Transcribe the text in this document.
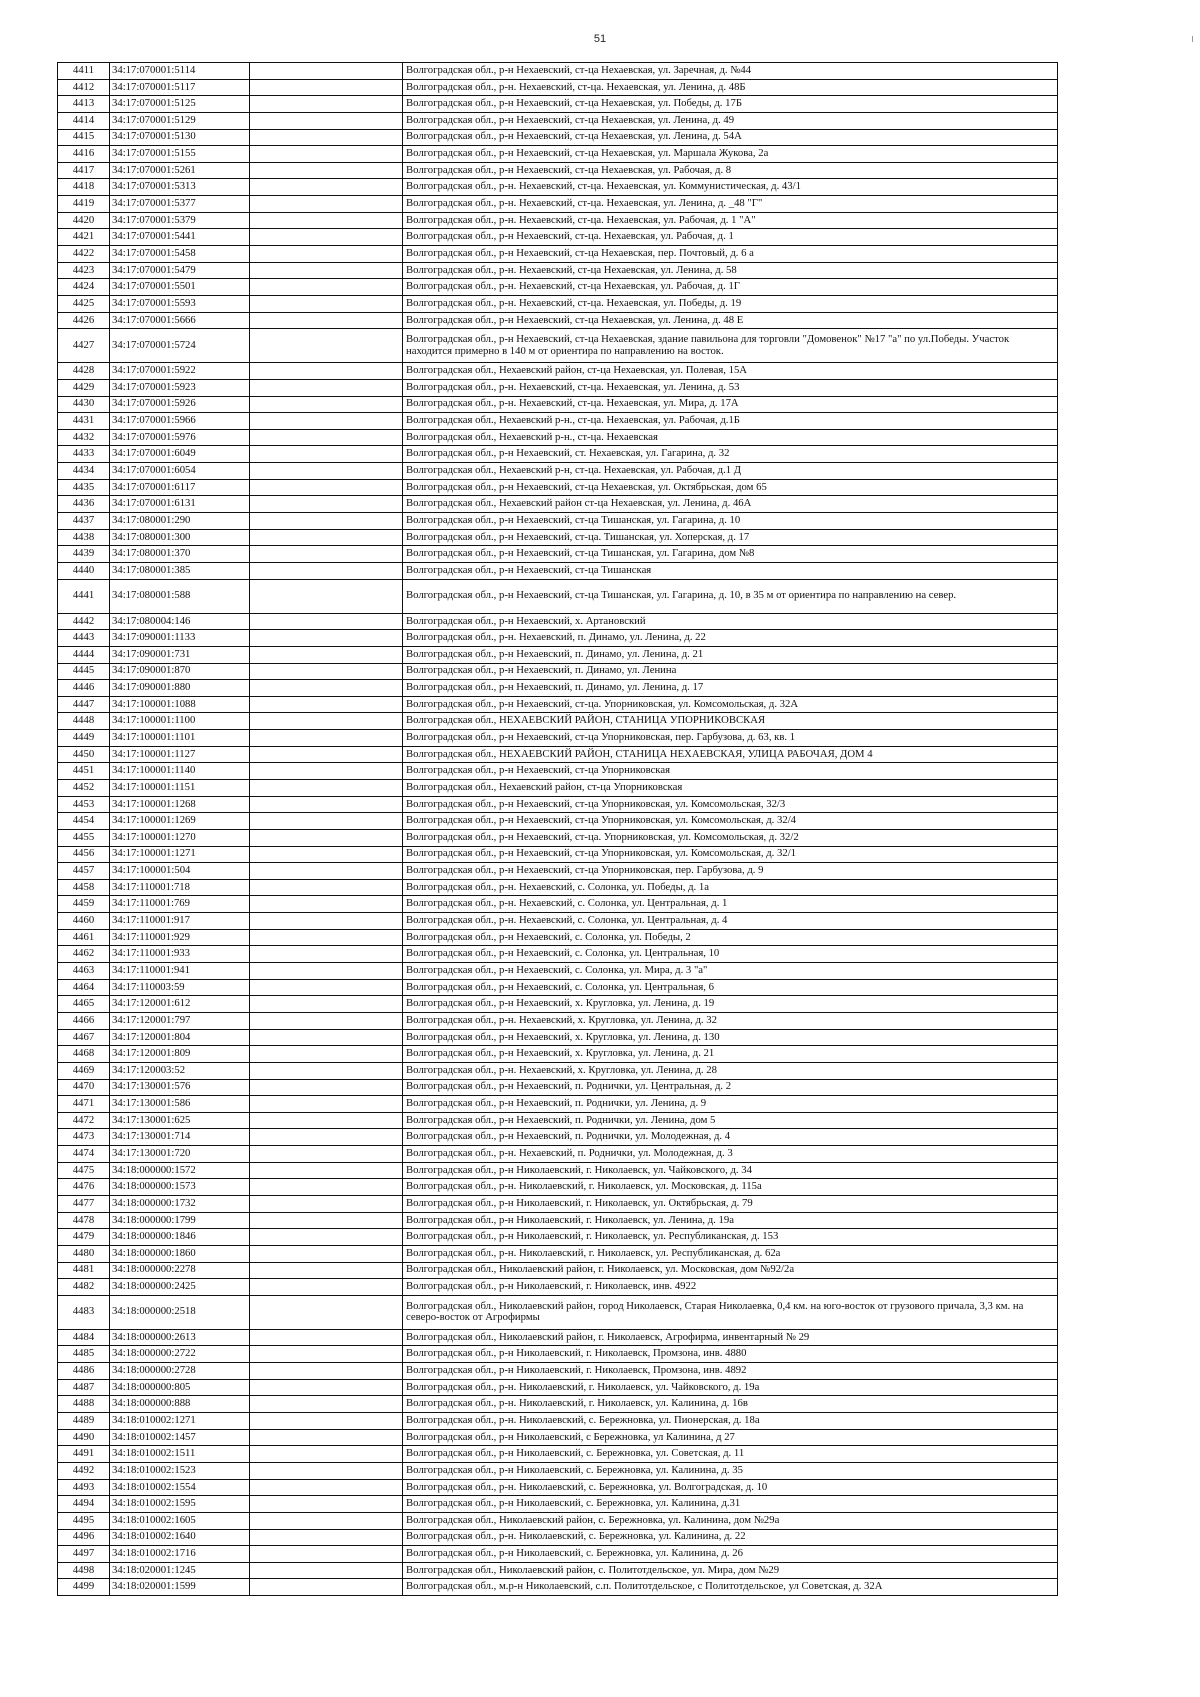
51
4411	34:17:070001:5114		Волгоградская обл., р-н Нехаевский, ст-ца Нехаевская, ул. Заречная, д. №44
4412	34:17:070001:5117		Волгоградская обл., р-н. Нехаевский, ст-ца. Нехаевская, ул. Ленина, д. 48Б
4413	34:17:070001:5125		Волгоградская обл., р-н Нехаевский, ст-ца Нехаевская, ул. Победы, д. 17Б
4414	34:17:070001:5129		Волгоградская обл., р-н Нехаевский, ст-ца Нехаевская, ул. Ленина, д. 49
4415	34:17:070001:5130		Волгоградская обл., р-н Нехаевский, ст-ца Нехаевская, ул. Ленина, д. 54А
4416	34:17:070001:5155		Волгоградская обл., р-н Нехаевский, ст-ца Нехаевская, ул. Маршала Жукова, 2а
4417	34:17:070001:5261		Волгоградская обл., р-н Нехаевский, ст-ца Нехаевская, ул. Рабочая, д. 8
4418	34:17:070001:5313		Волгоградская обл., р-н. Нехаевский, ст-ца. Нехаевская, ул. Коммунистическая, д. 43/1
4419	34:17:070001:5377		Волгоградская обл., р-н. Нехаевский, ст-ца. Нехаевская, ул. Ленина, д. _48 "Г"
4420	34:17:070001:5379		Волгоградская обл., р-н. Нехаевский, ст-ца. Нехаевская, ул. Рабочая, д. 1 "А"
4421	34:17:070001:5441		Волгоградская обл., р-н Нехаевский, ст-ца. Нехаевская, ул. Рабочая, д. 1
4422	34:17:070001:5458		Волгоградская обл., р-н Нехаевский, ст-ца Нехаевская, пер. Почтовый, д. 6 а
4423	34:17:070001:5479		Волгоградская обл., р-н. Нехаевский, ст-ца Нехаевская, ул. Ленина, д. 58
4424	34:17:070001:5501		Волгоградская обл., р-н. Нехаевский, ст-ца Нехаевская, ул. Рабочая, д. 1Г
4425	34:17:070001:5593		Волгоградская обл., р-н. Нехаевский, ст-ца. Нехаевская, ул. Победы, д. 19
4426	34:17:070001:5666		Волгоградская обл., р-н Нехаевский, ст-ца Нехаевская, ул. Ленина, д. 48 Е
4427	34:17:070001:5724		Волгоградская обл., р-н Нехаевский, ст-ца Нехаевская, здание павильона для торговли "Домовенок" №17 "а" по ул.Победы. Участок находится примерно в 140 м от ориентира по направлению на восток.
4428	34:17:070001:5922		Волгоградская обл., Нехаевский район, ст-ца Нехаевская, ул. Полевая, 15А
4429	34:17:070001:5923		Волгоградская обл., р-н. Нехаевский, ст-ца. Нехаевская, ул. Ленина, д. 53
4430	34:17:070001:5926		Волгоградская обл., р-н. Нехаевский, ст-ца. Нехаевская, ул. Мира, д. 17А
4431	34:17:070001:5966		Волгоградская обл., Нехаевский р-н., ст-ца. Нехаевская, ул. Рабочая, д.1Б
4432	34:17:070001:5976		Волгоградская обл., Нехаевский р-н., ст-ца. Нехаевская
4433	34:17:070001:6049		Волгоградская обл., р-н Нехаевский, ст. Нехаевская, ул. Гагарина, д. 32
4434	34:17:070001:6054		Волгоградская обл., Нехаевский р-н, ст-ца. Нехаевская, ул. Рабочая, д.1 Д
4435	34:17:070001:6117		Волгоградская обл., р-н Нехаевский, ст-ца Нехаевская, ул. Октябрьская, дом 65
4436	34:17:070001:6131		Волгоградская обл., Нехаевский район ст-ца Нехаевская, ул. Ленина, д. 46А
4437	34:17:080001:290		Волгоградская обл., р-н Нехаевский, ст-ца Тишанская, ул. Гагарина, д. 10
4438	34:17:080001:300		Волгоградская обл., р-н Нехаевский, ст-ца. Тишанская, ул. Хоперская, д. 17
4439	34:17:080001:370		Волгоградская обл., р-н Нехаевский, ст-ца Тишанская, ул. Гагарина, дом №8
4440	34:17:080001:385		Волгоградская обл., р-н Нехаевский, ст-ца Тишанская
4441	34:17:080001:588		Волгоградская обл., р-н Нехаевский, ст-ца Тишанская, ул. Гагарина, д. 10, в 35 м от ориентира по направлению на север.
4442	34:17:080004:146		Волгоградская обл., р-н Нехаевский, х. Артановский
4443	34:17:090001:1133		Волгоградская обл., р-н. Нехаевский, п. Динамо, ул. Ленина, д. 22
4444	34:17:090001:731		Волгоградская обл., р-н Нехаевский, п. Динамо, ул. Ленина, д. 21
4445	34:17:090001:870		Волгоградская обл., р-н Нехаевский, п. Динамо, ул. Ленина
4446	34:17:090001:880		Волгоградская обл., р-н Нехаевский, п. Динамо, ул. Ленина, д. 17
4447	34:17:100001:1088		Волгоградская обл., р-н Нехаевский, ст-ца. Упорниковская, ул. Комсомольская, д. 32А
4448	34:17:100001:1100		Волгоградская обл., НЕХАЕВСКИЙ РАЙОН, СТАНИЦА УПОРНИКОВСКАЯ
4449	34:17:100001:1101		Волгоградская обл., р-н Нехаевский, ст-ца Упорниковская, пер. Гарбузова, д. 63, кв. 1
4450	34:17:100001:1127		Волгоградская обл., НЕХАЕВСКИЙ РАЙОН, СТАНИЦА НЕХАЕВСКАЯ, УЛИЦА РАБОЧАЯ, ДОМ 4
4451	34:17:100001:1140		Волгоградская обл., р-н Нехаевский, ст-ца Упорниковская
4452	34:17:100001:1151		Волгоградская обл., Нехаевский район, ст-ца Упорниковская
4453	34:17:100001:1268		Волгоградская обл., р-н Нехаевский, ст-ца Упорниковская, ул. Комсомольская, 32/3
4454	34:17:100001:1269		Волгоградская обл., р-н Нехаевский, ст-ца Упорниковская, ул. Комсомольская, д. 32/4
4455	34:17:100001:1270		Волгоградская обл., р-н Нехаевский, ст-ца. Упорниковская, ул. Комсомольская, д. 32/2
4456	34:17:100001:1271		Волгоградская обл., р-н Нехаевский, ст-ца Упорниковская, ул. Комсомольская, д. 32/1
4457	34:17:100001:504		Волгоградская обл., р-н Нехаевский, ст-ца Упорниковская, пер. Гарбузова, д. 9
4458	34:17:110001:718		Волгоградская обл., р-н. Нехаевский, с. Солонка, ул. Победы, д. 1а
4459	34:17:110001:769		Волгоградская обл., р-н. Нехаевский, с. Солонка, ул. Центральная, д. 1
4460	34:17:110001:917		Волгоградская обл., р-н. Нехаевский, с. Солонка, ул. Центральная, д. 4
4461	34:17:110001:929		Волгоградская обл., р-н Нехаевский, с. Солонка, ул. Победы, 2
4462	34:17:110001:933		Волгоградская обл., р-н Нехаевский, с. Солонка, ул. Центральная, 10
4463	34:17:110001:941		Волгоградская обл., р-н Нехаевский, с. Солонка, ул. Мира, д. 3 "а"
4464	34:17:110003:59		Волгоградская обл., р-н Нехаевский, с. Солонка, ул. Центральная, 6
4465	34:17:120001:612		Волгоградская обл., р-н Нехаевский, х. Кругловка, ул. Ленина, д. 19
4466	34:17:120001:797		Волгоградская обл., р-н. Нехаевский, х. Кругловка, ул. Ленина, д. 32
4467	34:17:120001:804		Волгоградская обл., р-н Нехаевский, х. Кругловка, ул. Ленина, д. 130
4468	34:17:120001:809		Волгоградская обл., р-н Нехаевский, х. Кругловка, ул. Ленина, д. 21
4469	34:17:120003:52		Волгоградская обл., р-н. Нехаевский, х. Кругловка, ул. Ленина, д. 28
4470	34:17:130001:576		Волгоградская обл., р-н Нехаевский, п. Роднички, ул. Центральная, д. 2
4471	34:17:130001:586		Волгоградская обл., р-н Нехаевский, п. Роднички, ул. Ленина, д. 9
4472	34:17:130001:625		Волгоградская обл., р-н Нехаевский, п. Роднички, ул. Ленина, дом 5
4473	34:17:130001:714		Волгоградская обл., р-н Нехаевский, п. Роднички, ул. Молодежная, д. 4
4474	34:17:130001:720		Волгоградская обл., р-н. Нехаевский, п. Роднички, ул. Молодежная, д. 3
4475	34:18:000000:1572		Волгоградская обл., р-н Николаевский, г. Николаевск, ул. Чайковского, д. 34
4476	34:18:000000:1573		Волгоградская обл., р-н. Николаевский, г. Николаевск, ул. Московская, д. 115а
4477	34:18:000000:1732		Волгоградская обл., р-н Николаевский, г. Николаевск, ул. Октябрьская, д. 79
4478	34:18:000000:1799		Волгоградская обл., р-н Николаевский, г. Николаевск, ул. Ленина, д. 19а
4479	34:18:000000:1846		Волгоградская обл., р-н Николаевский, г. Николаевск, ул. Республиканская, д. 153
4480	34:18:000000:1860		Волгоградская обл., р-н. Николаевский, г. Николаевск, ул. Республиканская, д. 62а
4481	34:18:000000:2278		Волгоградская обл., Николаевский район, г. Николаевск, ул. Московская, дом №92/2а
4482	34:18:000000:2425		Волгоградская обл., р-н Николаевский, г. Николаевск, инв. 4922
4483	34:18:000000:2518		Волгоградская обл., Николаевский район, город Николаевск, Старая Николаевка, 0,4 км. на юго-восток от грузового причала, 3,3 км. на северо-восток от Агрофирмы
4484	34:18:000000:2613		Волгоградская обл., Николаевский район, г. Николаевск, Агрофирма, инвентарный № 29
4485	34:18:000000:2722		Волгоградская обл., р-н Николаевский, г. Николаевск, Промзона, инв. 4880
4486	34:18:000000:2728		Волгоградская обл., р-н Николаевский, г. Николаевск, Промзона, инв. 4892
4487	34:18:000000:805		Волгоградская обл., р-н. Николаевский, г. Николаевск, ул. Чайковского, д. 19а
4488	34:18:000000:888		Волгоградская обл., р-н. Николаевский, г. Николаевск, ул. Калинина, д. 16в
4489	34:18:010002:1271		Волгоградская обл., р-н. Николаевский, с. Бережновка, ул. Пионерская, д. 18а
4490	34:18:010002:1457		Волгоградская обл., р-н Николаевский, с Бережновка, ул Калинина, д 27
4491	34:18:010002:1511		Волгоградская обл., р-н Николаевский, с. Бережновка, ул. Советская, д. 11
4492	34:18:010002:1523		Волгоградская обл., р-н Николаевский, с. Бережновка, ул. Калинина, д. 35
4493	34:18:010002:1554		Волгоградская обл., р-н. Николаевский, с. Бережновка, ул. Волгоградская, д. 10
4494	34:18:010002:1595		Волгоградская обл., р-н Николаевский, с. Бережновка, ул. Калинина, д.31
4495	34:18:010002:1605		Волгоградская обл., Николаевский район, с. Бережновка, ул. Калинина, дом №29а
4496	34:18:010002:1640		Волгоградская обл., р-н. Николаевский, с. Бережновка, ул. Калинина, д. 22
4497	34:18:010002:1716		Волгоградская обл., р-н Николаевский, с. Бережновка, ул. Калинина, д. 26
4498	34:18:020001:1245		Волгоградская обл., Николаевский район, с. Политотдельское, ул. Мира, дом №29
4499	34:18:020001:1599		Волгоградская обл., м.р-н Николаевский, с.п. Политотдельское, с Политотдельское, ул Советская, д. 32А
